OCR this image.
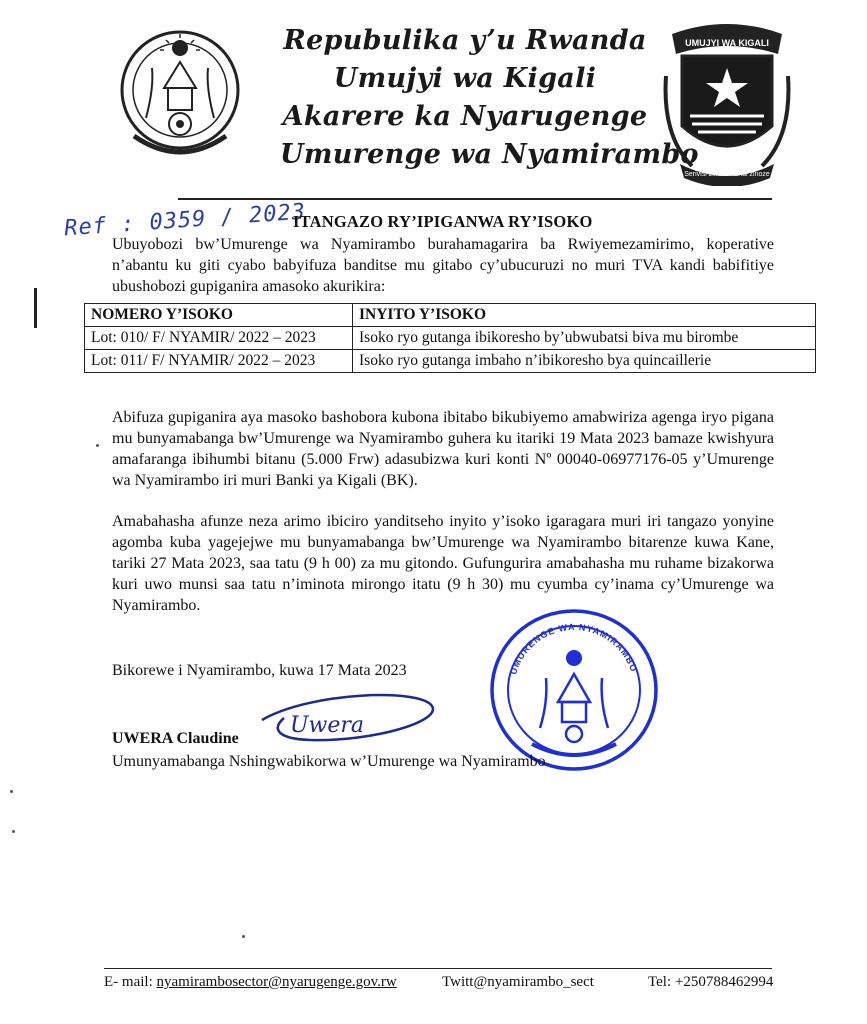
UMUJYI WA KIGALI
Serivisi zihuse kandi zinoze
Repubulika y’u Rwanda
Umujyi wa Kigali
Akarere ka Nyarugenge
Umurenge wa Nyamirambo
Ref : 0359 / 2023
ITANGAZO RY’IPIGANWA RY’ISOKO

Ubuyobozi bw’Umurenge wa Nyamirambo burahamagarira ba Rwiyemezamirimo, koperative n’abantu ku giti cyabo babyifuza banditse mu gitabo cy’ubucuruzi no muri TVA kandi babifitiye ubushobozi gupiganira amasoko akurikira:

NOMERO Y’ISOKO	INYITO Y’ISOKO
Lot: 010/ F/ NYAMIR/ 2022 – 2023	Isoko ryo gutanga ibikoresho by’ubwubatsi biva mu birombe
Lot: 011/ F/ NYAMIR/ 2022 – 2023	Isoko ryo gutanga imbaho n’ibikoresho bya quincaillerie

Abifuza gupiganira aya masoko bashobora kubona ibitabo bikubiyemo amabwiriza agenga iryo pigana mu bunyamabanga bw’Umurenge wa Nyamirambo guhera ku itariki 19 Mata 2023 bamaze kwishyura amafaranga ibihumbi bitanu (5.000 Frw) adasubizwa kuri konti Nº 00040-06977176-05 y’Umurenge wa Nyamirambo iri muri Banki ya Kigali (BK).

Amabahasha afunze neza arimo ibiciro yanditseho inyito y’isoko igaragara muri iri tangazo yonyine agomba kuba yagejejwe mu bunyamabanga bw’Umurenge wa Nyamirambo bitarenze kuwa Kane, tariki 27 Mata 2023, saa tatu (9 h 00) za mu gitondo. Gufungurira amabahasha mu ruhame bizakorwa kuri uwo munsi saa tatu n’iminota mirongo itatu (9 h 30) mu cyumba cy’inama cy’Umurenge wa Nyamirambo.

UMURENGE WA NYAMIRAMBO
Bikorewe i Nyamirambo, kuwa 17 Mata 2023
Uwera
UWERA Claudine
Umunyamabanga Nshingwabikorwa w’Umurenge wa Nyamirambo
E- mail: nyamirambosector@nyarugenge.gov.rw	Twitt@nyamirambo_sect	Tel: +250788462994
